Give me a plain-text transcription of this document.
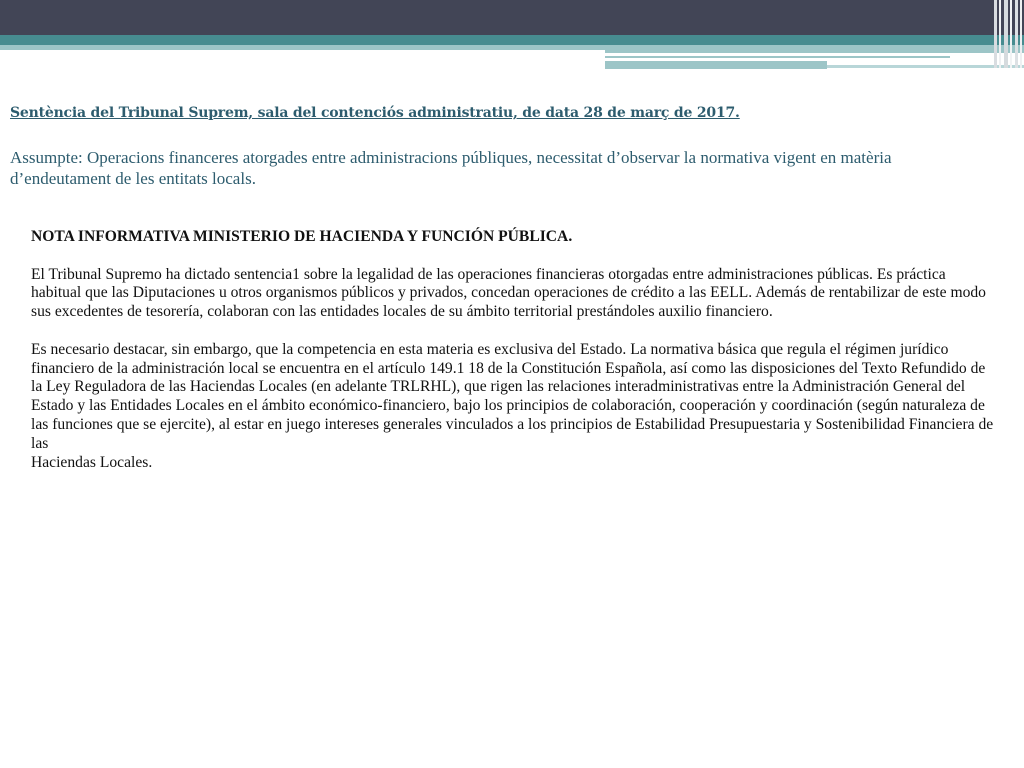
Sentència del Tribunal Suprem, sala del contenciós administratiu, de data 28 de març de 2017.

Assumpte: Operacions financeres atorgades entre administracions públiques, necessitat d’observar la normativa vigent en matèria d’endeutament de les entitats locals.

NOTA INFORMATIVA MINISTERIO DE HACIENDA Y FUNCIÓN PÚBLICA.

El Tribunal Supremo ha dictado sentencia1 sobre la legalidad de las operaciones financieras otorgadas entre administraciones públicas. Es práctica habitual que las Diputaciones u otros organismos públicos y privados, concedan operaciones de crédito a las EELL. Además de rentabilizar de este modo sus excedentes de tesorería, colaboran con las entidades locales de su ámbito territorial prestándoles auxilio financiero.

Es necesario destacar, sin embargo, que la competencia en esta materia es exclusiva del Estado. La normativa básica que regula el régimen jurídico financiero de la administración local se encuentra en el artículo 149.1 18 de la Constitución Española, así como las disposiciones del Texto Refundido de la Ley Reguladora de las Haciendas Locales (en adelante TRLRHL), que rigen las relaciones interadministrativas entre la Administración General del Estado y las Entidades Locales en el ámbito económico-financiero, bajo los principios de colaboración, cooperación y coordinación (según naturaleza de las funciones que se ejercite), al estar en juego intereses generales vinculados a los principios de Estabilidad Presupuestaria y Sostenibilidad Financiera de las

Haciendas Locales.
